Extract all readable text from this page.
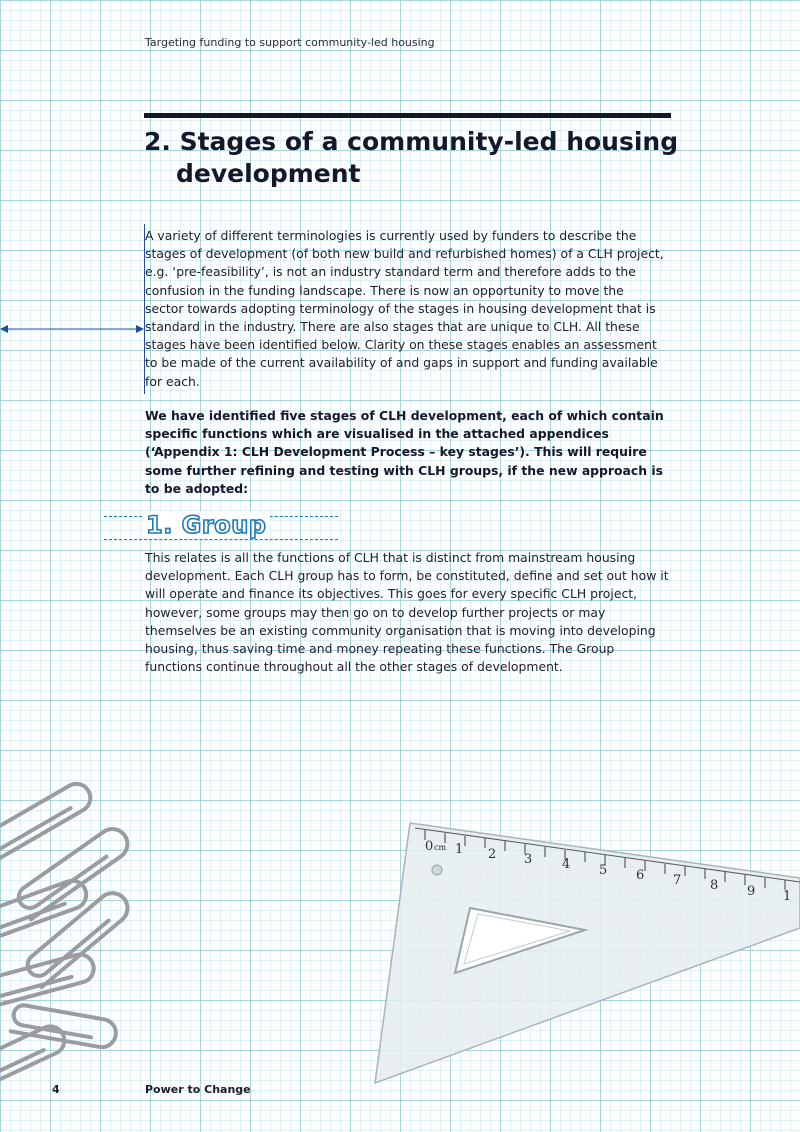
Targeting funding to support community-led housing

2. Stages of a community-led housing development

A variety of different terminologies is currently used by funders to describe the stages of development (of both new build and refurbished homes) of a CLH project, e.g. ‘pre-feasibility’, is not an industry standard term and therefore adds to the confusion in the funding landscape. There is now an opportunity to move the sector towards adopting terminology of the stages in housing development that is standard in the industry. There are also stages that are unique to CLH. All these stages have been identified below. Clarity on these stages enables an assessment to be made of the current availability of and gaps in support and funding available for each.

We have identified five stages of CLH development, each of which contain specific functions which are visualised in the attached appendices (‘Appendix 1: CLH Development Process – key stages’). This will require some further refining and testing with CLH groups, if the new approach is to be adopted:

1. Group

This relates is all the functions of CLH that is distinct from mainstream housing development. Each CLH group has to form, be constituted, define and set out how it will operate and finance its objectives. This goes for every specific CLH project, however, some groups may then go on to develop further projects or may themselves be an existing community organisation that is moving into developing housing, thus saving time and money repeating these functions. The Group functions continue throughout all the other stages of development.

0 cm 1 2 3 4 5 6 7 8 9 1

4	Power to Change
